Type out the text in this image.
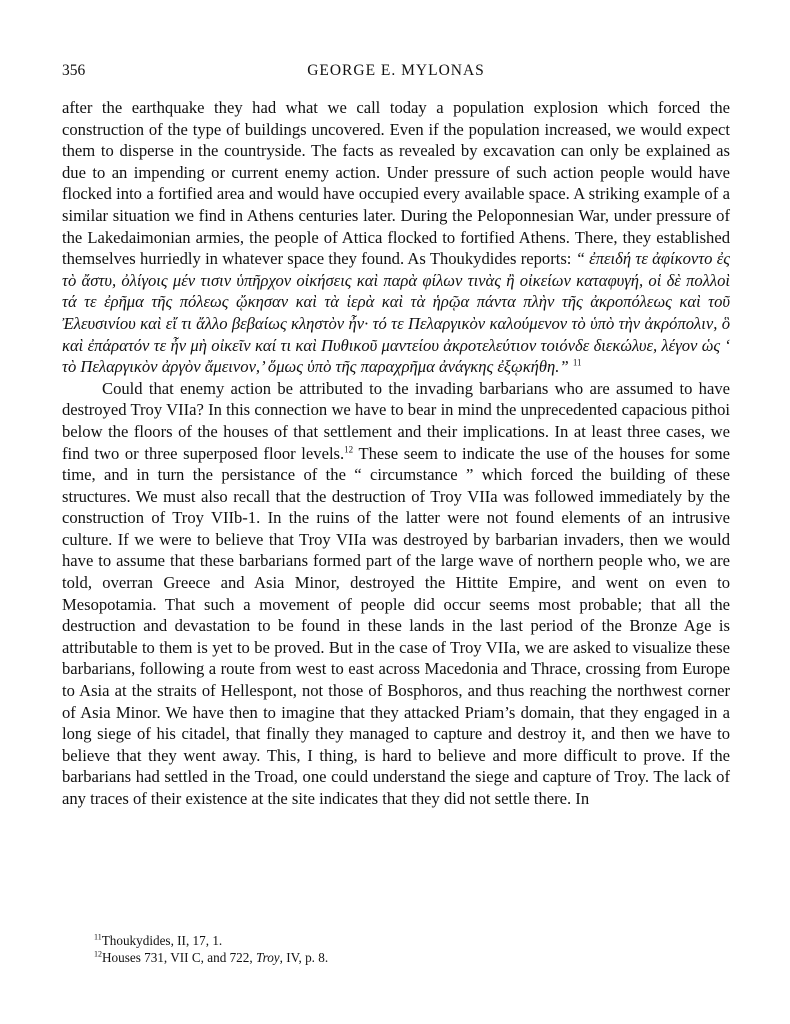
356	GEORGE E. MYLONAS

after the earthquake they had what we call today a population explosion which forced the construction of the type of buildings uncovered. Even if the population increased, we would expect them to disperse in the countryside. The facts as revealed by excavation can only be explained as due to an impending or current enemy action. Under pressure of such action people would have flocked into a fortified area and would have occupied every available space. A striking example of a similar situation we find in Athens centuries later. During the Peloponnesian War, under pressure of the Lakedaimonian armies, the people of Attica flocked to fortified Athens. There, they established themselves hurriedly in whatever space they found. As Thoukydides reports: “ ἐπειδή τε ἀφίκοντο ἐς τὸ ἄστυ, ὀλίγοις μέν τισιν ὑπῆρχον οἰκήσεις καὶ παρὰ φίλων τινὰς ἢ οἰκείων καταφυγή, οἱ δὲ πολλοὶ τά τε ἐρῆμα τῆς πόλεως ᾤκησαν καὶ τὰ ἱερὰ καὶ τὰ ἡρῷα πάντα πλὴν τῆς ἀκροπόλεως καὶ τοῦ Ἐλευσινίου καὶ εἴ τι ἄλλο βεβαίως κληστὸν ἦν· τό τε Πελαργικὸν καλούμενον τὸ ὑπὸ τὴν ἀκρόπολιν, ὃ καὶ ἐπάρατόν τε ἦν μὴ οἰκεῖν καί τι καὶ Πυθικοῦ μαντείου ἀκροτελεύτιον τοιόνδε διεκώλυε, λέγον ὡς ‘ τὸ Πελαργικὸν ἀργὸν ἄμεινον,’ ὅμως ὑπὸ τῆς παραχρῆμα ἀνάγκης ἐξῳκήθη.” $^{11}$

Could that enemy action be attributed to the invading barbarians who are assumed to have destroyed Troy VIIa? In this connection we have to bear in mind the unprecedented capacious pithoi below the floors of the houses of that settlement and their implications. In at least three cases, we find two or three superposed floor levels.$^{12}$ These seem to indicate the use of the houses for some time, and in turn the persistance of the “ circumstance ” which forced the building of these structures. We must also recall that the destruction of Troy VIIa was followed immediately by the construction of Troy VIIb-1. In the ruins of the latter were not found elements of an intrusive culture. If we were to believe that Troy VIIa was destroyed by barbarian invaders, then we would have to assume that these barbarians formed part of the large wave of northern people who, we are told, overran Greece and Asia Minor, destroyed the Hittite Empire, and went on even to Mesopotamia. That such a movement of people did occur seems most probable; that all the destruction and devastation to be found in these lands in the last period of the Bronze Age is attributable to them is yet to be proved. But in the case of Troy VIIa, we are asked to visualize these barbarians, following a route from west to east across Macedonia and Thrace, crossing from Europe to Asia at the straits of Hellespont, not those of Bosphoros, and thus reaching the northwest corner of Asia Minor. We have then to imagine that they attacked Priam’s domain, that they engaged in a long siege of his citadel, that finally they managed to capture and destroy it, and then we have to believe that they went away. This, I thing, is hard to believe and more difficult to prove. If the barbarians had settled in the Troad, one could understand the siege and capture of Troy. The lack of any traces of their existence at the site indicates that they did not settle there. In

$^{11}$Thoukydides, II, 17, 1.
$^{12}$Houses 731, VII C, and 722, Troy, IV, p. 8.
